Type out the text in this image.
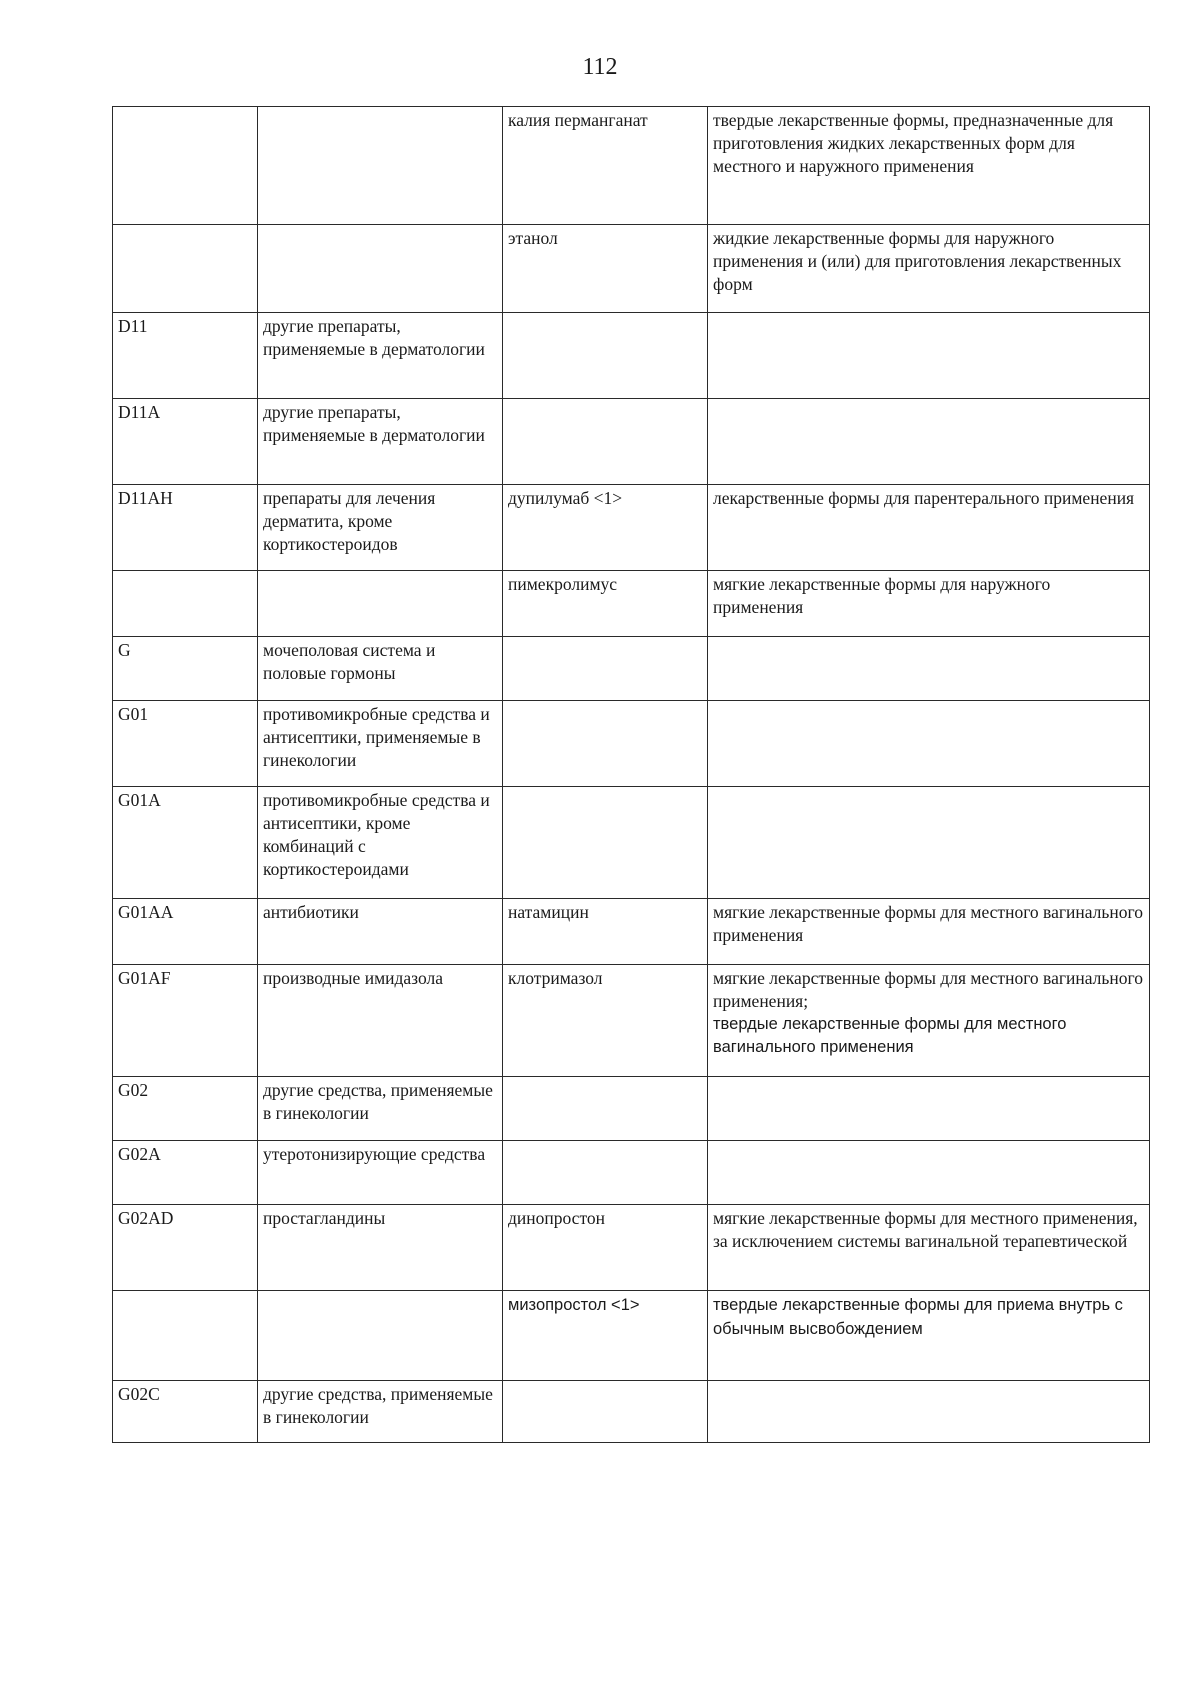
112
		калия перманганат	твердые лекарственные формы, предназначенные для приготовления жидких лекарственных форм для местного и наружного применения
		этанол	жидкие лекарственные формы для наружного применения и (или) для приготовления лекарственных форм
D11	другие препараты, применяемые в дерматологии		
D11A	другие препараты, применяемые в дерматологии		
D11AH	препараты для лечения дерматита, кроме кортикостероидов	дупилумаб <1>	лекарственные формы для парентерального применения
		пимекролимус	мягкие лекарственные формы для наружного применения
G	мочеполовая система и половые гормоны		
G01	противомикробные средства и антисептики, применяемые в гинекологии		
G01A	противомикробные средства и антисептики, кроме комбинаций с кортикостероидами		
G01AA	антибиотики	натамицин	мягкие лекарственные формы для местного вагинального применения
G01AF	производные имидазола	клотримазол	мягкие лекарственные формы для местного вагинального применения;
твердые лекарственные формы для местного вагинального применения

G02	другие средства, применяемые в гинекологии		
G02A	утеротонизирующие средства		
G02AD	простагландины	динопростон	мягкие лекарственные формы для местного применения, за исключением системы вагинальной терапевтической
		мизопростол <1>	твердые лекарственные формы для приема внутрь с обычным высвобождением
G02C	другие средства, применяемые в гинекологии		
